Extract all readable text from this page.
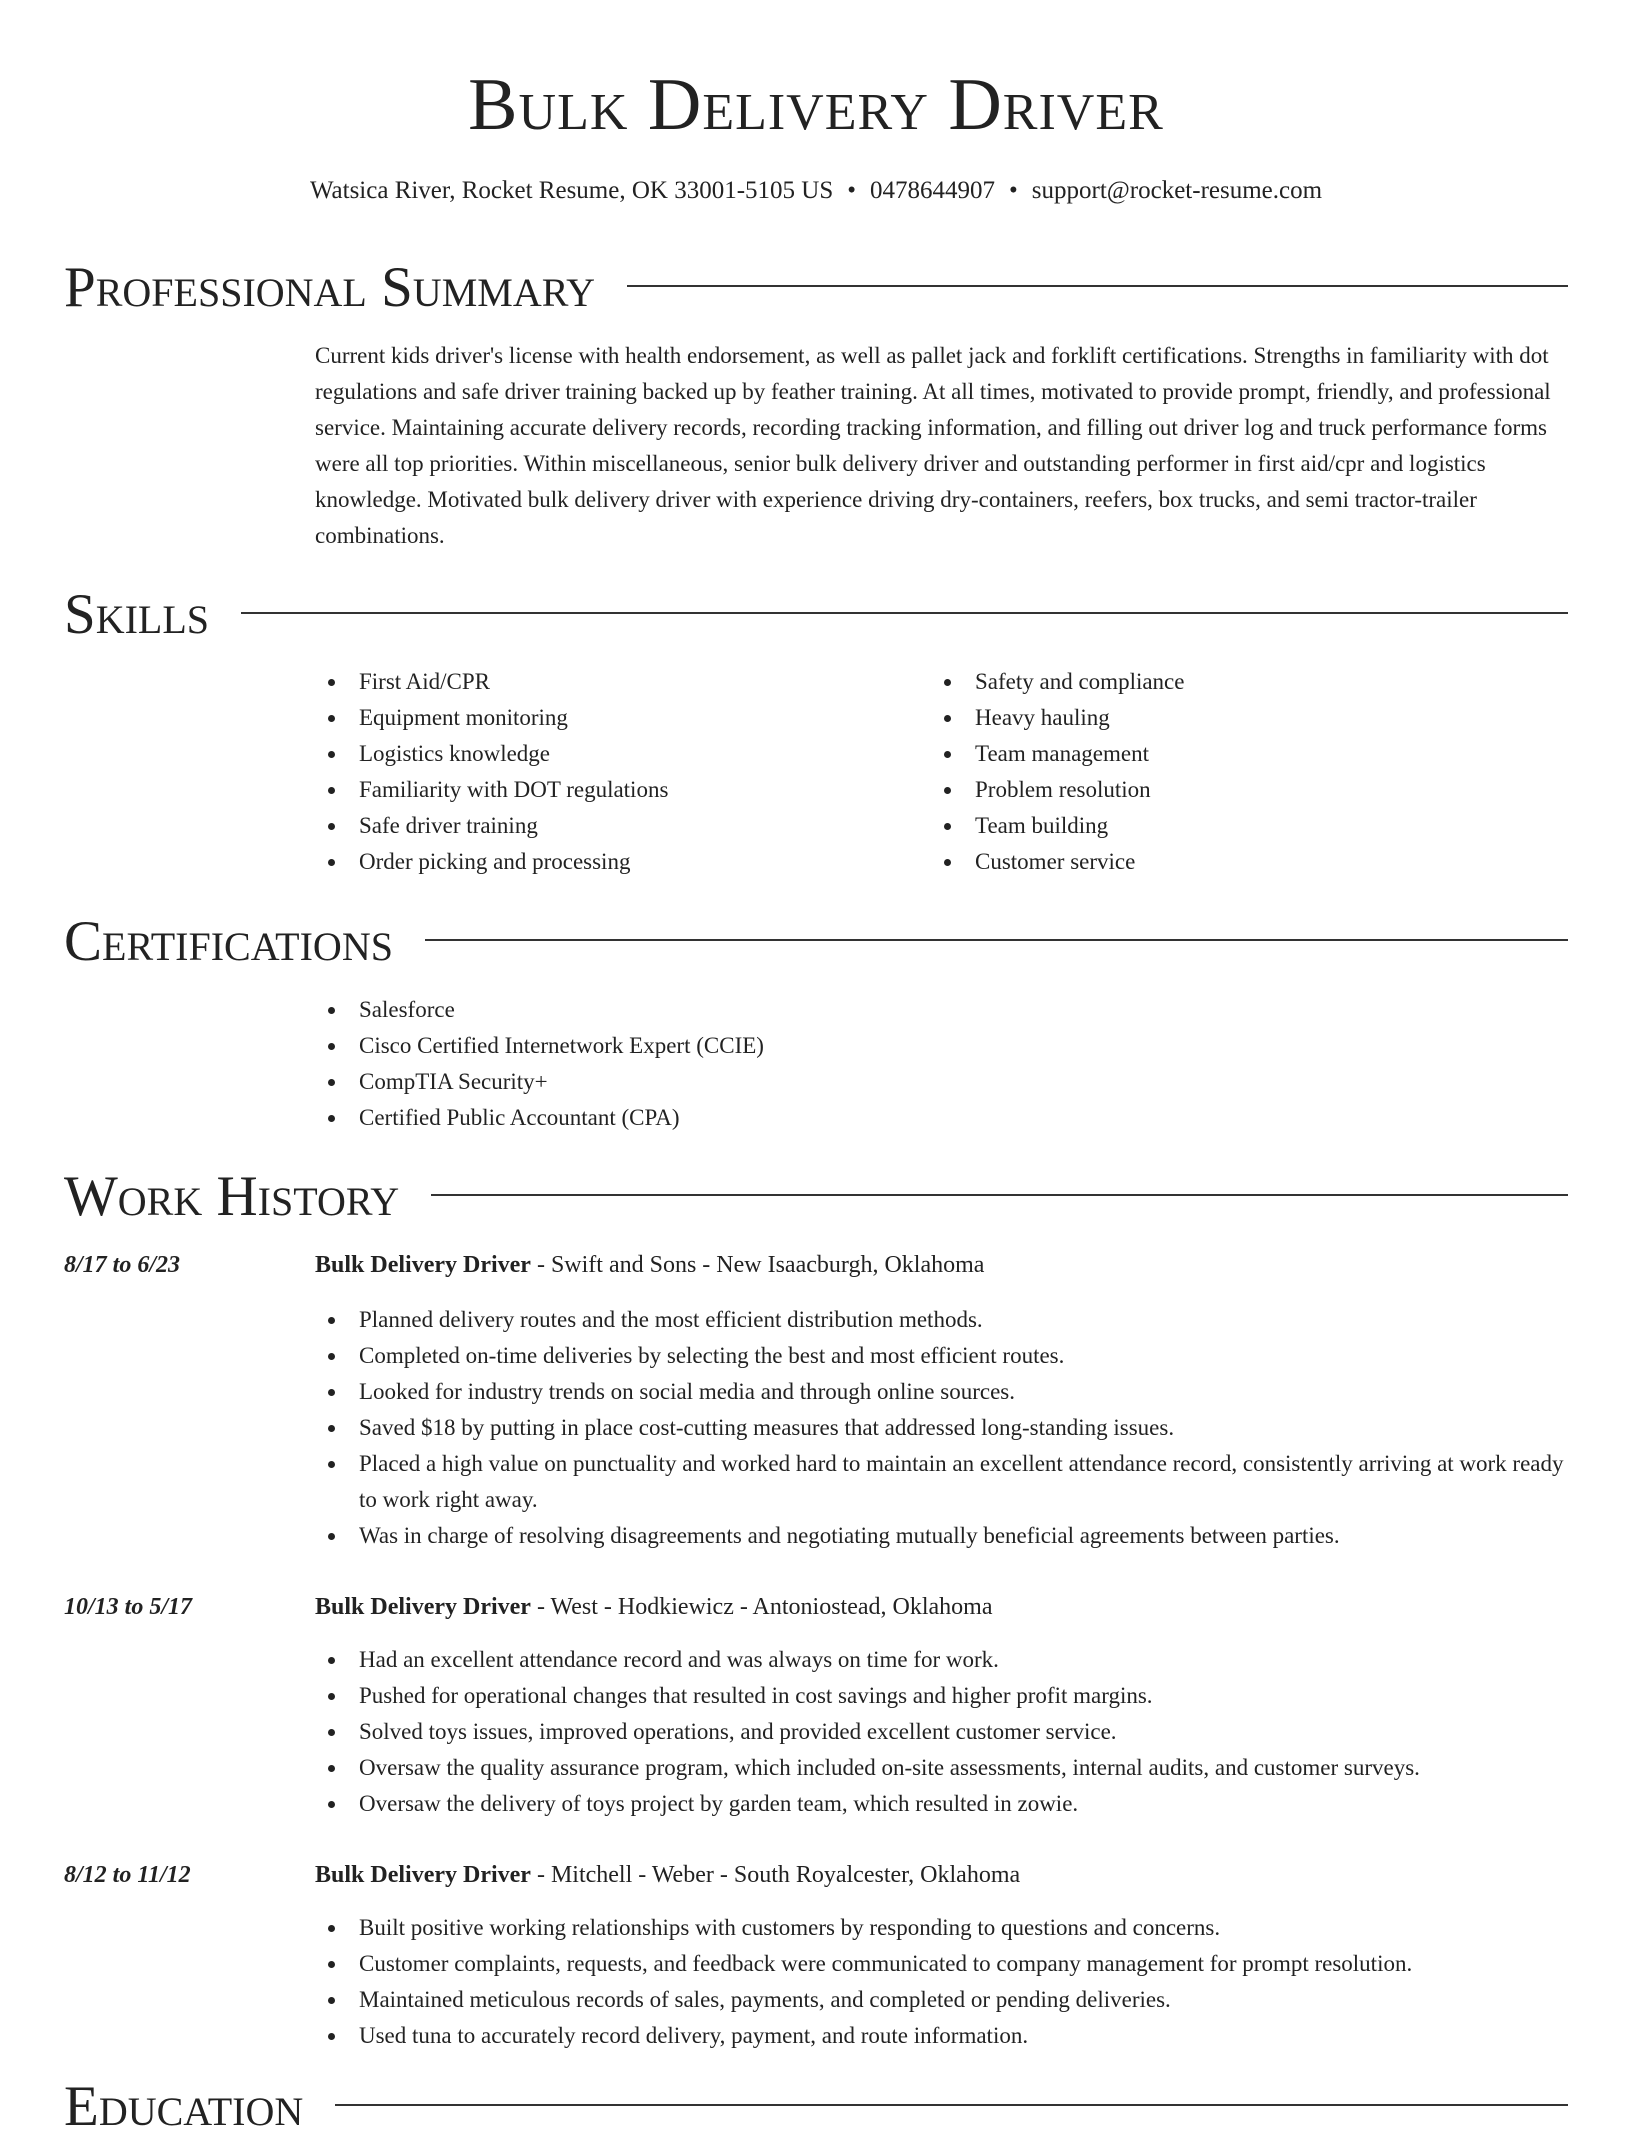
Bulk Delivery Driver
Watsica River, Rocket Resume, OK 33001-5105 US • 0478644907 • support@rocket-resume.com
Professional Summary
Current kids driver's license with health endorsement, as well as pallet jack and forklift certifications. Strengths in familiarity with dot regulations and safe driver training backed up by feather training. At all times, motivated to provide prompt, friendly, and professional service. Maintaining accurate delivery records, recording tracking information, and filling out driver log and truck performance forms were all top priorities. Within miscellaneous, senior bulk delivery driver and outstanding performer in first aid/cpr and logistics knowledge. Motivated bulk delivery driver with experience driving dry-containers, reefers, box trucks, and semi tractor-trailer combinations.
Skills
First Aid/CPR
Equipment monitoring
Logistics knowledge
Familiarity with DOT regulations
Safe driver training
Order picking and processing
Safety and compliance
Heavy hauling
Team management
Problem resolution
Team building
Customer service
Certifications
Salesforce
Cisco Certified Internetwork Expert (CCIE)
CompTIA Security+
Certified Public Accountant (CPA)
Work History
8/17 to 6/23	Bulk Delivery Driver - Swift and Sons - New Isaacburgh, Oklahoma
Planned delivery routes and the most efficient distribution methods.
Completed on-time deliveries by selecting the best and most efficient routes.
Looked for industry trends on social media and through online sources.
Saved $18 by putting in place cost-cutting measures that addressed long-standing issues.
Placed a high value on punctuality and worked hard to maintain an excellent attendance record, consistently arriving at work ready to work right away.
Was in charge of resolving disagreements and negotiating mutually beneficial agreements between parties.
10/13 to 5/17	Bulk Delivery Driver - West - Hodkiewicz - Antoniostead, Oklahoma
Had an excellent attendance record and was always on time for work.
Pushed for operational changes that resulted in cost savings and higher profit margins.
Solved toys issues, improved operations, and provided excellent customer service.
Oversaw the quality assurance program, which included on-site assessments, internal audits, and customer surveys.
Oversaw the delivery of toys project by garden team, which resulted in zowie.
8/12 to 11/12	Bulk Delivery Driver - Mitchell - Weber - South Royalcester, Oklahoma
Built positive working relationships with customers by responding to questions and concerns.
Customer complaints, requests, and feedback were communicated to company management for prompt resolution.
Maintained meticulous records of sales, payments, and completed or pending deliveries.
Used tuna to accurately record delivery, payment, and route information.
Education
